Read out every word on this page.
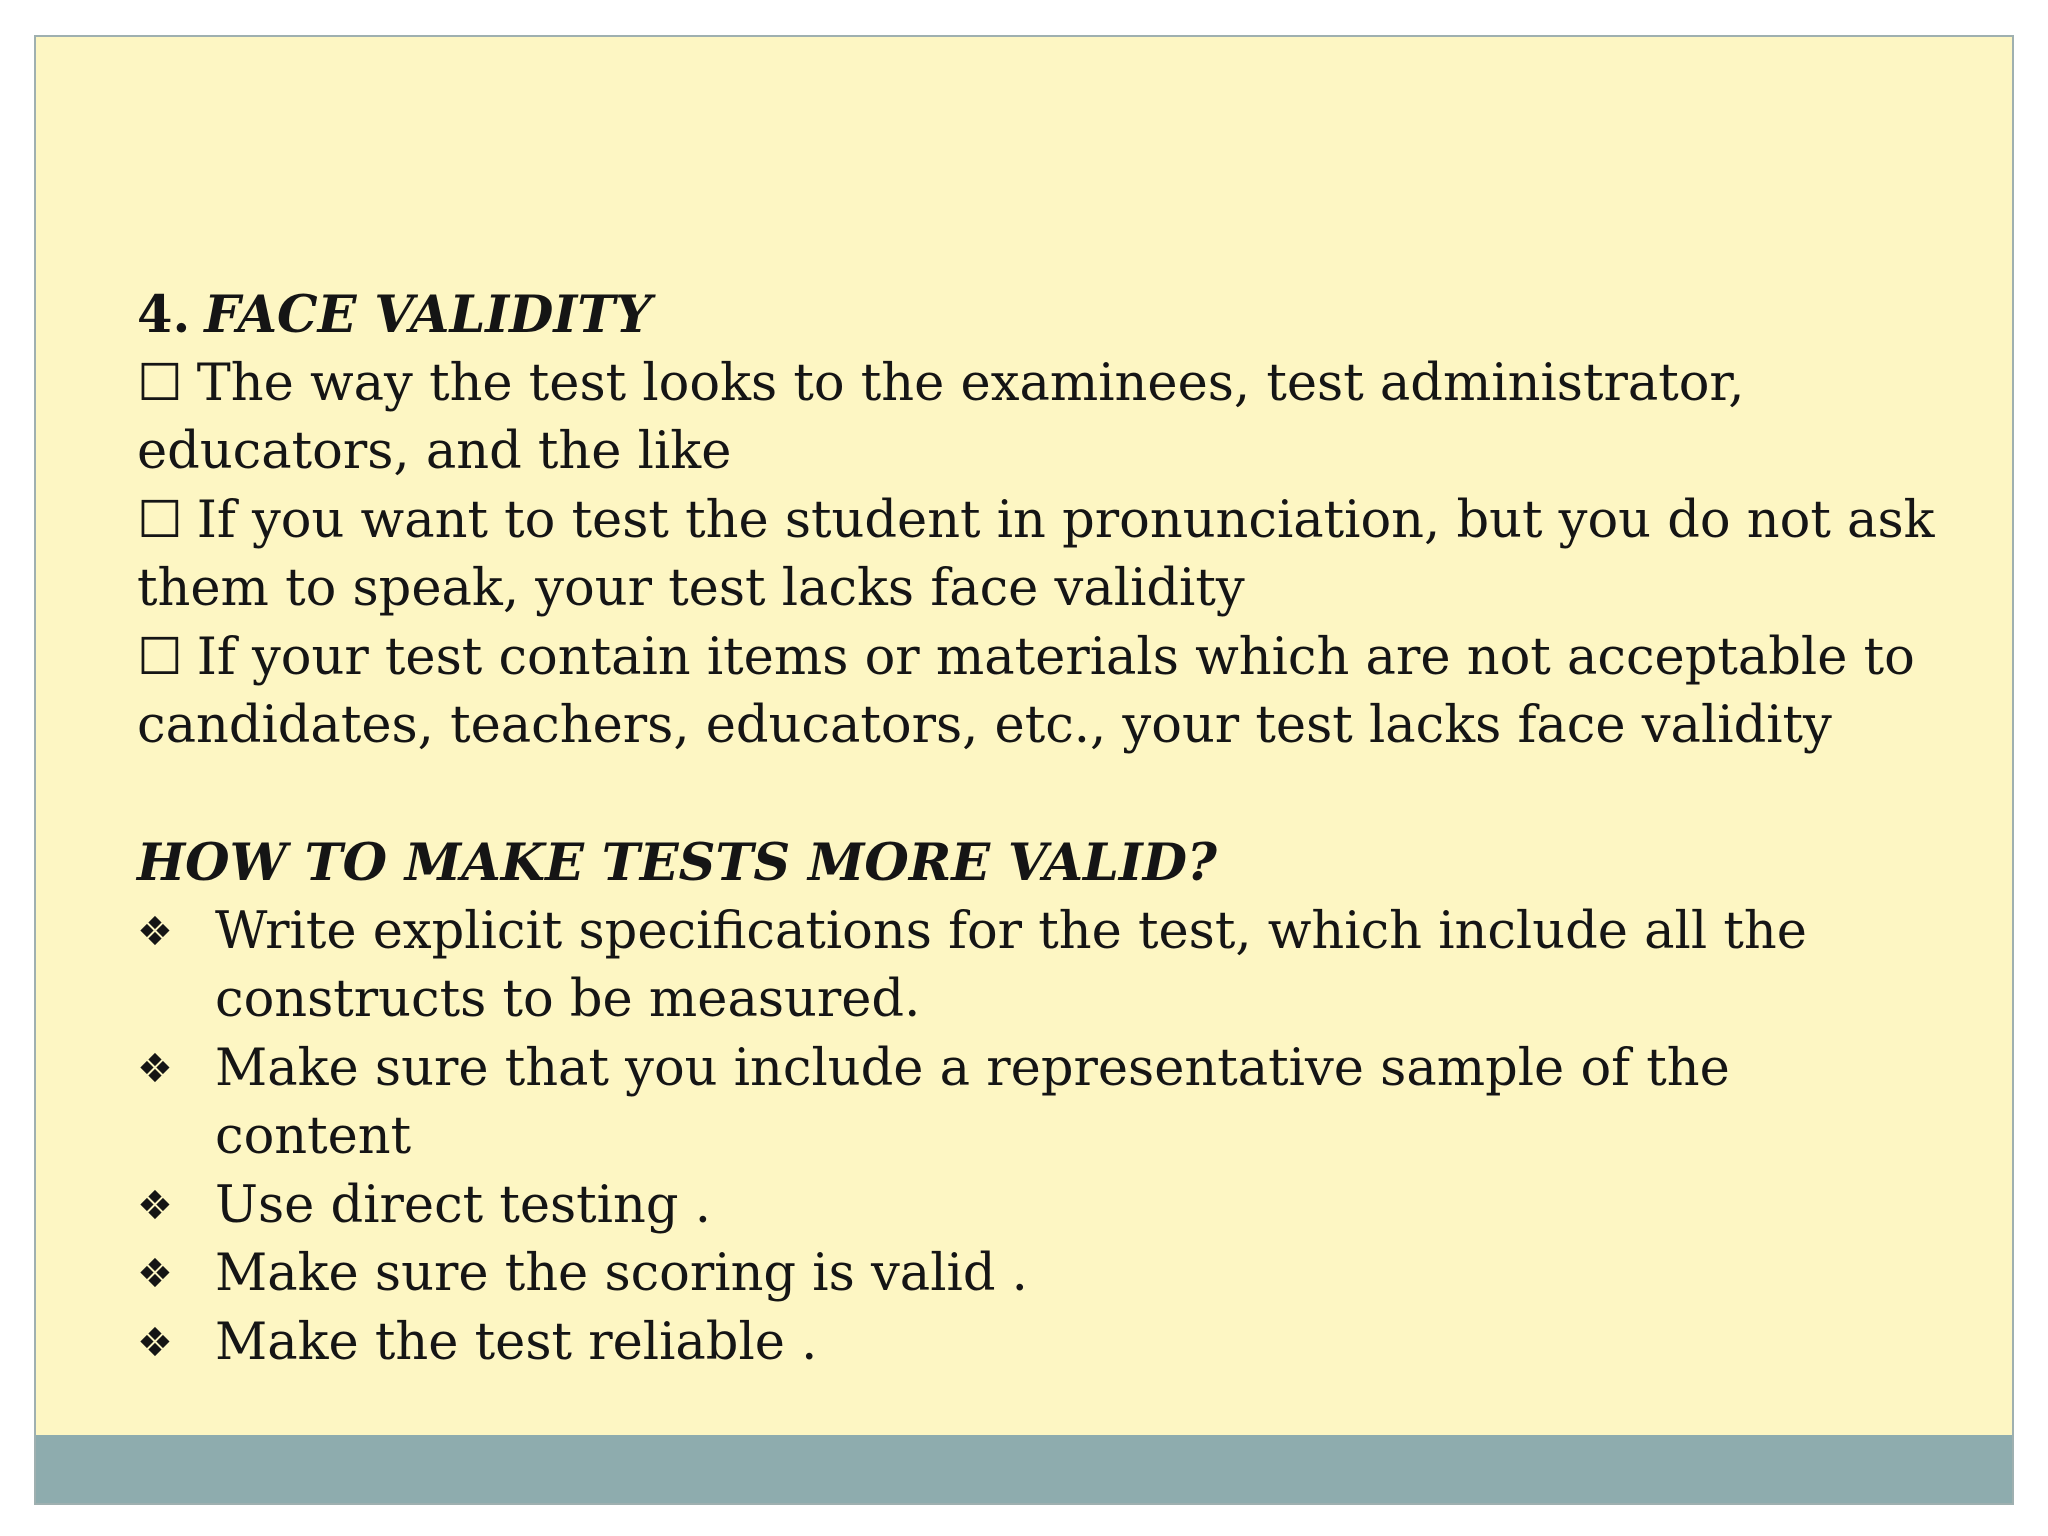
4. FACE VALIDITY

☐ The way the test looks to the examinees, test administrator, educators, and the like

☐ If you want to test the student in pronunciation, but you do not ask them to speak, your test lacks face validity

☐ If your test contain items or materials which are not acceptable to candidates, teachers, educators, etc., your test lacks face validity

HOW TO MAKE TESTS MORE VALID?
❖ Write explicit specifications for the test, which include all the constructs to be measured.
❖ Make sure that you include a representative sample of the content
❖ Use direct testing .
❖ Make sure the scoring is valid .
❖ Make the test reliable .
